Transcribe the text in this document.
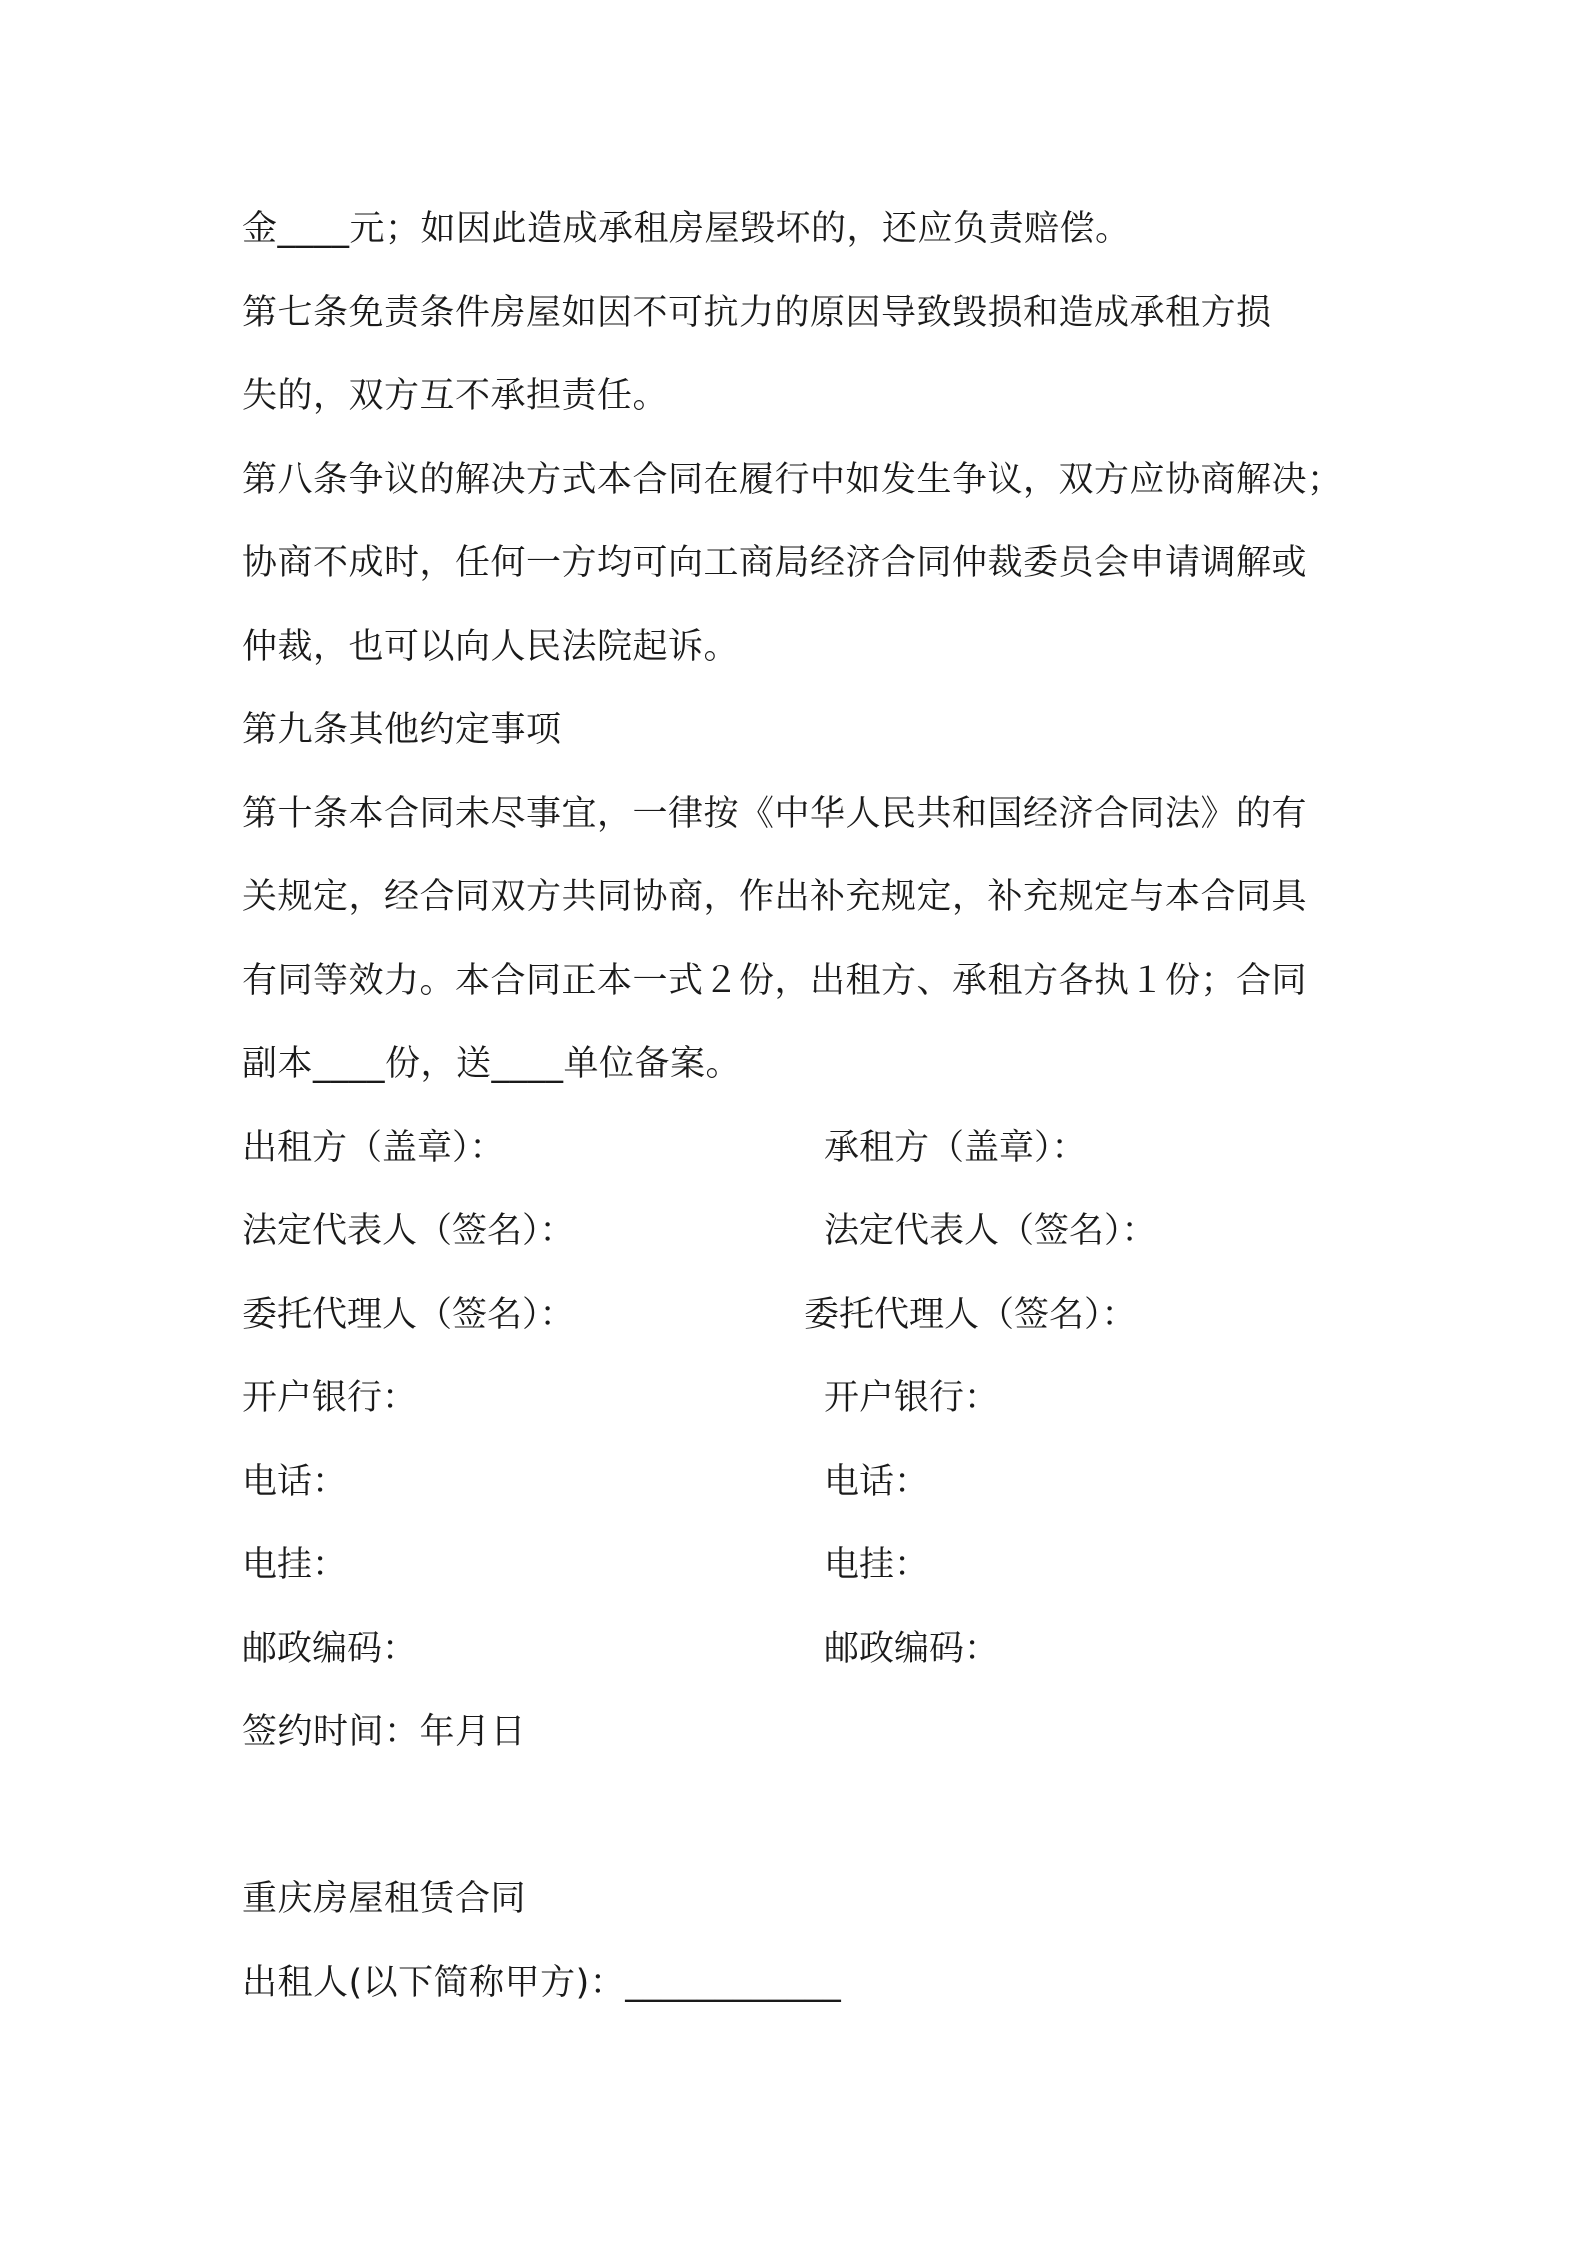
金____元；如因此造成承租房屋毁坏的，还应负责赔偿。
第七条免责条件房屋如因不可抗力的原因导致毁损和造成承租方损
失的，双方互不承担责任。
第八条争议的解决方式本合同在履行中如发生争议，双方应协商解决；
协商不成时，任何一方均可向工商局经济合同仲裁委员会申请调解或
仲裁，也可以向人民法院起诉。
第九条其他约定事项
第十条本合同未尽事宜，一律按《中华人民共和国经济合同法》的有
关规定，经合同双方共同协商，作出补充规定，补充规定与本合同具
有同等效力。本合同正本一式２份，出租方、承租方各执１份；合同
副本____份，送____单位备案。
出租方（盖章）：	承租方（盖章）：
法定代表人（签名）：	法定代表人（签名）：
委托代理人（签名）：	委托代理人（签名）：
开户银行：	开户银行：
电话：	电话：
电挂：	电挂：
邮政编码：	邮政编码：
签约时间：年月日
重庆房屋租赁合同
出租人(以下简称甲方)：____________
